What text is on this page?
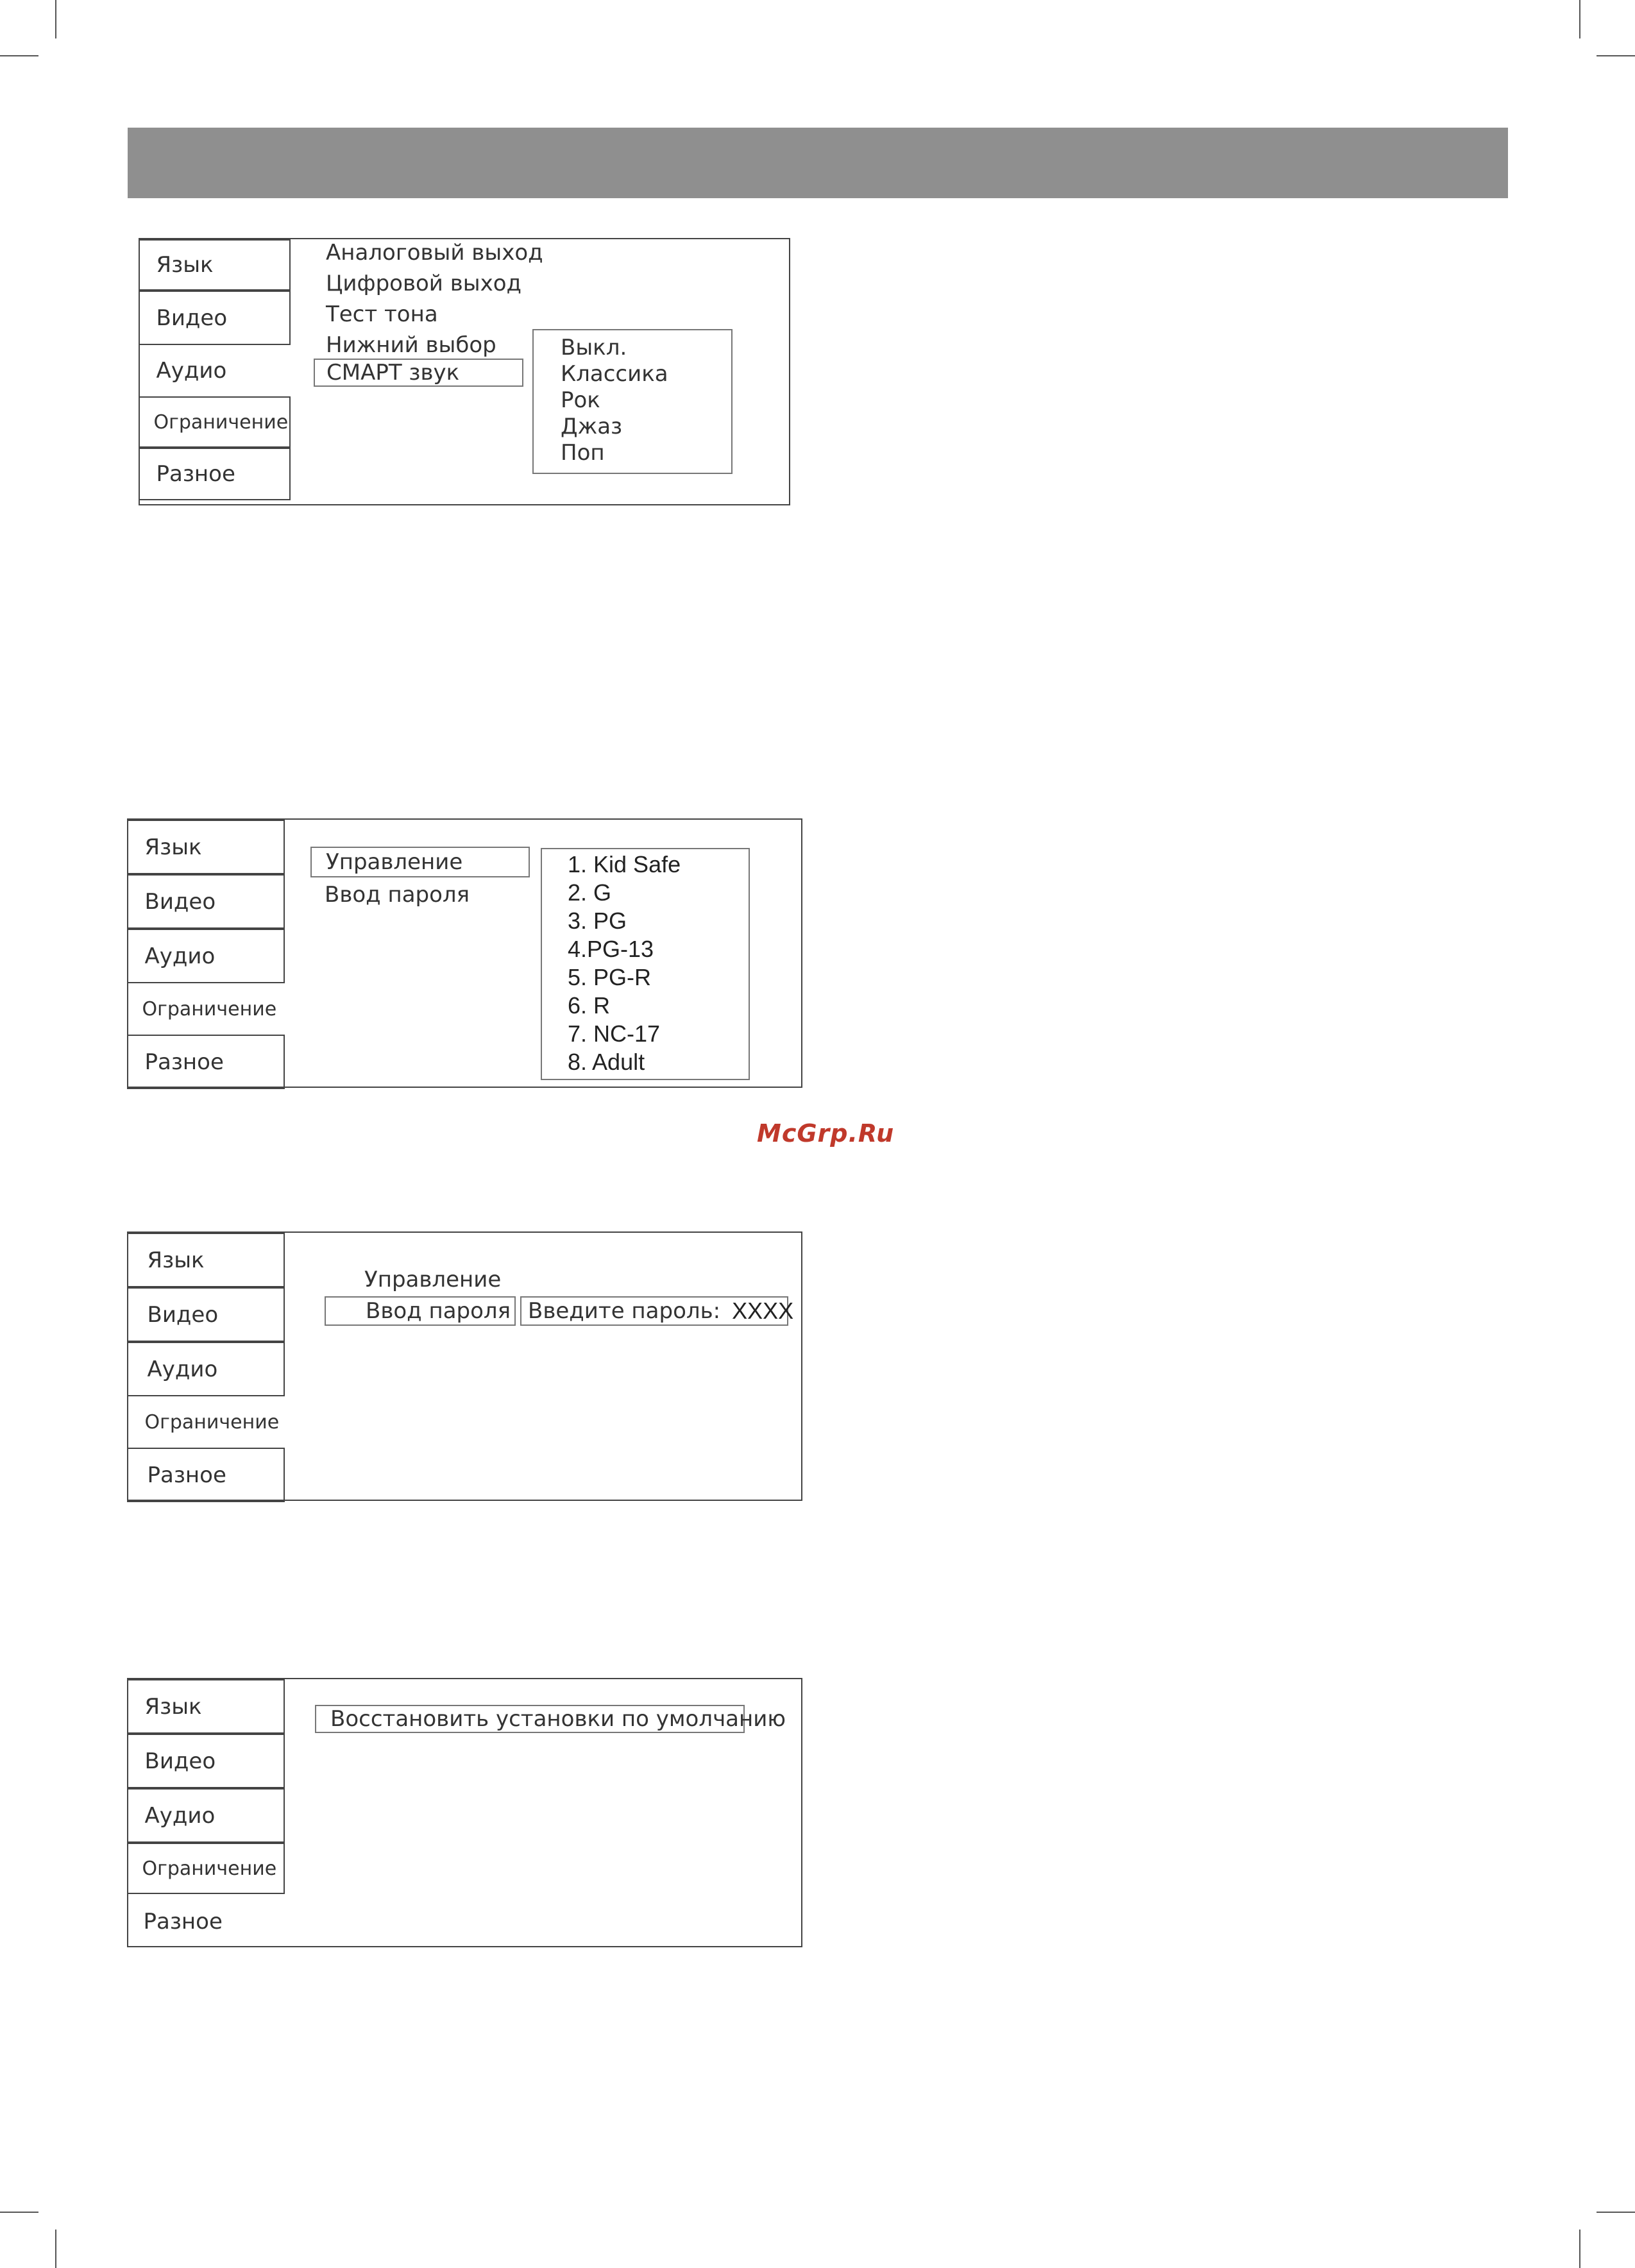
Язык
Видео
Аудио
Ограничение
Разное
Аналоговый выход
Цифровой выход
Тест тона
Нижний выбор
СМАРТ звук
Выкл.
Классика
Рок
Джаз
Поп
Язык
Видео
Аудио
Ограничение
Разное
Управление
Ввод пароля
1. Kid Safe
2. G
3. PG
4.PG-13
5. PG-R
6. R
7. NC-17
8. Adult
McGrp.Ru
Язык
Видео
Аудио
Ограничение
Разное
Управление
Ввод пароля Введите пароль: XXXX
Язык
Видео
Аудио
Ограничение
Разное
Восстановить установки по умолчанию
